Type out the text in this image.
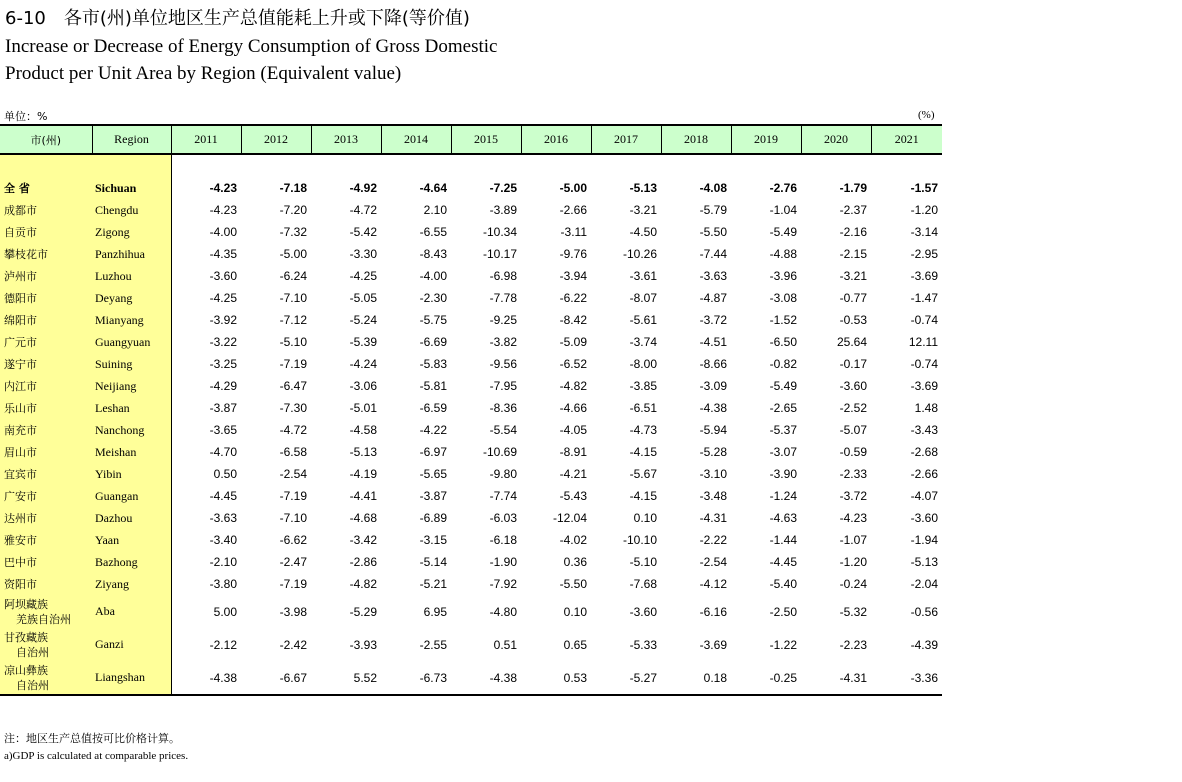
6-10 各市(州)单位地区生产总值能耗上升或下降(等价值)
Increase or Decrease of Energy Consumption of Gross Domestic
Product per Unit Area by Region (Equivalent value)
单位：%	(%)
市(州)	Region	2011	2012	2013	2014	2015	2016	2017	2018	2019	2020	2021

全 省	Sichuan	-4.23	-7.18	-4.92	-4.64	-7.25	-5.00	-5.13	-4.08	-2.76	-1.79	-1.57
成都市	Chengdu	-4.23	-7.20	-4.72	2.10	-3.89	-2.66	-3.21	-5.79	-1.04	-2.37	-1.20
自贡市	Zigong	-4.00	-7.32	-5.42	-6.55	-10.34	-3.11	-4.50	-5.50	-5.49	-2.16	-3.14
攀枝花市	Panzhihua	-4.35	-5.00	-3.30	-8.43	-10.17	-9.76	-10.26	-7.44	-4.88	-2.15	-2.95
泸州市	Luzhou	-3.60	-6.24	-4.25	-4.00	-6.98	-3.94	-3.61	-3.63	-3.96	-3.21	-3.69
德阳市	Deyang	-4.25	-7.10	-5.05	-2.30	-7.78	-6.22	-8.07	-4.87	-3.08	-0.77	-1.47
绵阳市	Mianyang	-3.92	-7.12	-5.24	-5.75	-9.25	-8.42	-5.61	-3.72	-1.52	-0.53	-0.74
广元市	Guangyuan	-3.22	-5.10	-5.39	-6.69	-3.82	-5.09	-3.74	-4.51	-6.50	25.64	12.11
遂宁市	Suining	-3.25	-7.19	-4.24	-5.83	-9.56	-6.52	-8.00	-8.66	-0.82	-0.17	-0.74
内江市	Neijiang	-4.29	-6.47	-3.06	-5.81	-7.95	-4.82	-3.85	-3.09	-5.49	-3.60	-3.69
乐山市	Leshan	-3.87	-7.30	-5.01	-6.59	-8.36	-4.66	-6.51	-4.38	-2.65	-2.52	1.48
南充市	Nanchong	-3.65	-4.72	-4.58	-4.22	-5.54	-4.05	-4.73	-5.94	-5.37	-5.07	-3.43
眉山市	Meishan	-4.70	-6.58	-5.13	-6.97	-10.69	-8.91	-4.15	-5.28	-3.07	-0.59	-2.68
宜宾市	Yibin	0.50	-2.54	-4.19	-5.65	-9.80	-4.21	-5.67	-3.10	-3.90	-2.33	-2.66
广安市	Guangan	-4.45	-7.19	-4.41	-3.87	-7.74	-5.43	-4.15	-3.48	-1.24	-3.72	-4.07
达州市	Dazhou	-3.63	-7.10	-4.68	-6.89	-6.03	-12.04	0.10	-4.31	-4.63	-4.23	-3.60
雅安市	Yaan	-3.40	-6.62	-3.42	-3.15	-6.18	-4.02	-10.10	-2.22	-1.44	-1.07	-1.94
巴中市	Bazhong	-2.10	-2.47	-2.86	-5.14	-1.90	0.36	-5.10	-2.54	-4.45	-1.20	-5.13
资阳市	Ziyang	-3.80	-7.19	-4.82	-5.21	-7.92	-5.50	-7.68	-4.12	-5.40	-0.24	-2.04

阿坝藏族
羌族自治州	Aba	5.00	-3.98	-5.29	6.95	-4.80	0.10	-3.60	-6.16	-2.50	-5.32	-0.56

甘孜藏族
自治州	Ganzi	-2.12	-2.42	-3.93	-2.55	0.51	0.65	-5.33	-3.69	-1.22	-2.23	-4.39

凉山彝族
自治州	Liangshan	-4.38	-6.67	5.52	-6.73	-4.38	0.53	-5.27	0.18	-0.25	-4.31	-3.36
注：地区生产总值按可比价格计算。
a)GDP is calculated at comparable prices.
